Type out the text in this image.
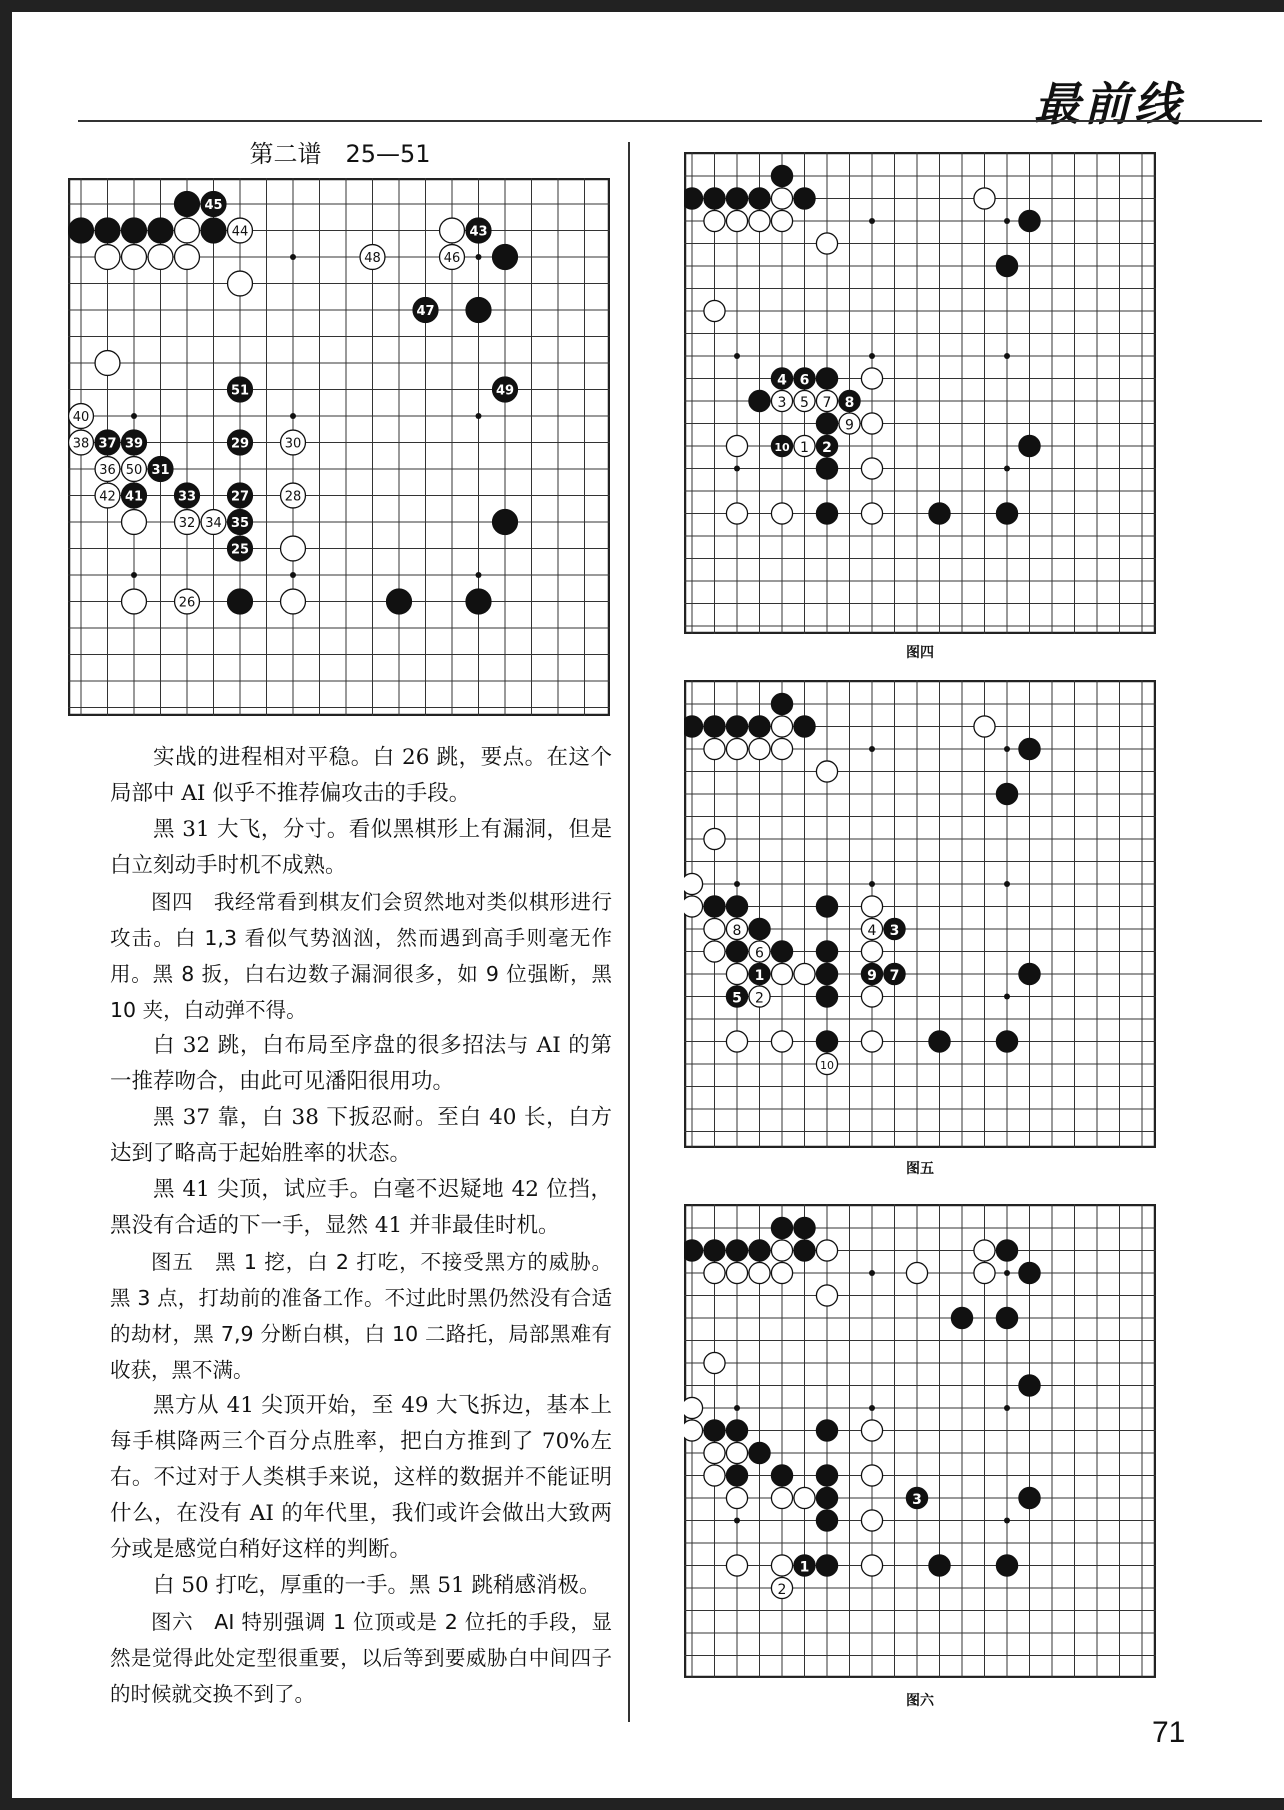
最前线
第二谱　25—51
45
44	43
48	46
47
51	49
40
38 37 39	29	30
36 50 31
42 41	33	27	28
32 34 35
25
26
4 6
3 5 7 8
9
10 1 2
图四
8	4 3
6
1	9 7
5 2
10
图五
3
1
2
图六

实战的进程相对平稳。白 26 跳，要点。在这个局部中 AI 似乎不推荐偏攻击的手段。

黑 31 大飞，分寸。看似黑棋形上有漏洞，但是白立刻动手时机不成熟。

图四　我经常看到棋友们会贸然地对类似棋形进行攻击。白 1,3 看似气势汹汹，然而遇到高手则毫无作用。黑 8 扳，白右边数子漏洞很多，如 9 位强断，黑 10 夹，白动弹不得。

白 32 跳，白布局至序盘的很多招法与 AI 的第一推荐吻合，由此可见潘阳很用功。

黑 37 靠，白 38 下扳忍耐。至白 40 长，白方达到了略高于起始胜率的状态。

黑 41 尖顶，试应手。白毫不迟疑地 42 位挡，黑没有合适的下一手，显然 41 并非最佳时机。

图五　黑 1 挖，白 2 打吃，不接受黑方的威胁。黑 3 点，打劫前的准备工作。不过此时黑仍然没有合适的劫材，黑 7,9 分断白棋，白 10 二路托，局部黑难有收获，黑不满。

黑方从 41 尖顶开始，至 49 大飞拆边，基本上每手棋降两三个百分点胜率，把白方推到了 70%左右。不过对于人类棋手来说，这样的数据并不能证明什么，在没有 AI 的年代里，我们或许会做出大致两分或是感觉白稍好这样的判断。

白 50 打吃，厚重的一手。黑 51 跳稍感消极。

图六　AI 特别强调 1 位顶或是 2 位托的手段，显然是觉得此处定型很重要，以后等到要威胁白中间四子的时候就交换不到了。

71
